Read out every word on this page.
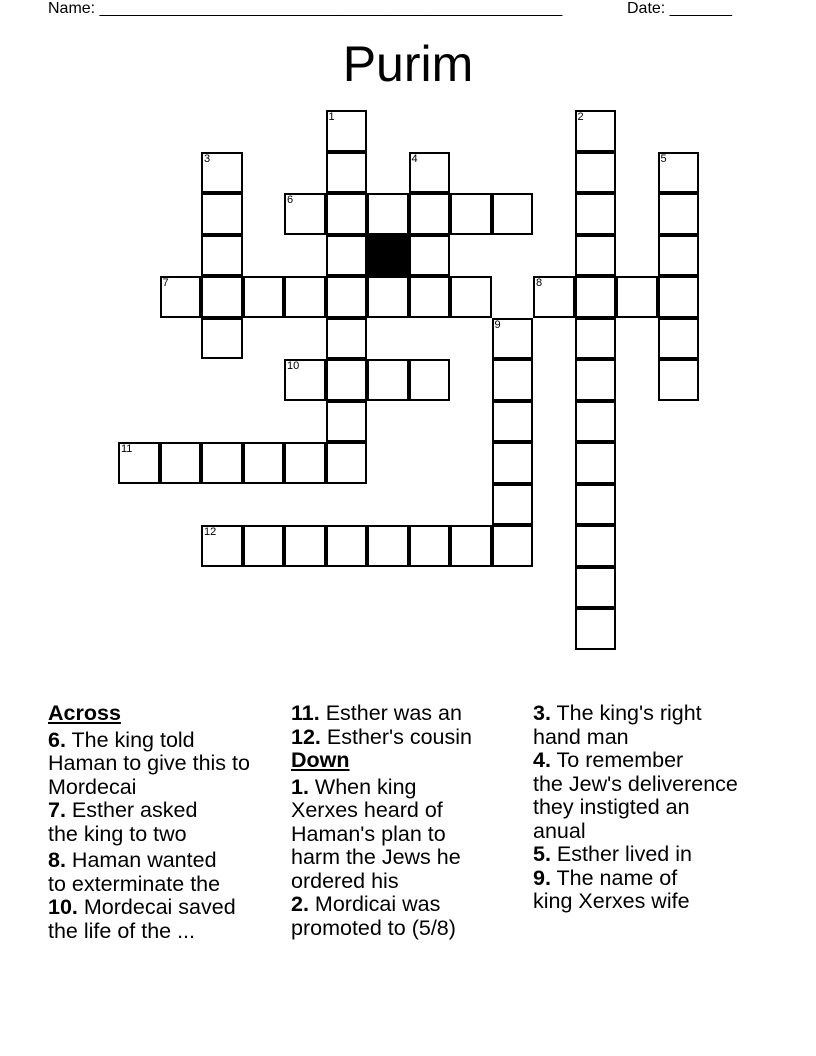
Name: ____________________________________________________	Date: _______
Purim
1	2
3	4	5
6
7	8
9
10
11
12
Across
6. The king told
Haman to give this to
Mordecai
7. Esther asked
the king to two
8. Haman wanted
to exterminate the
10. Mordecai saved
the life of the ...
11. Esther was an
12. Esther's cousin
Down
1. When king
Xerxes heard of
Haman's plan to
harm the Jews he
ordered his
2. Mordicai was
promoted to (5/8)
3. The king's right
hand man
4. To remember
the Jew's deliverence
they instigted an
anual
5. Esther lived in
9. The name of
king Xerxes wife
